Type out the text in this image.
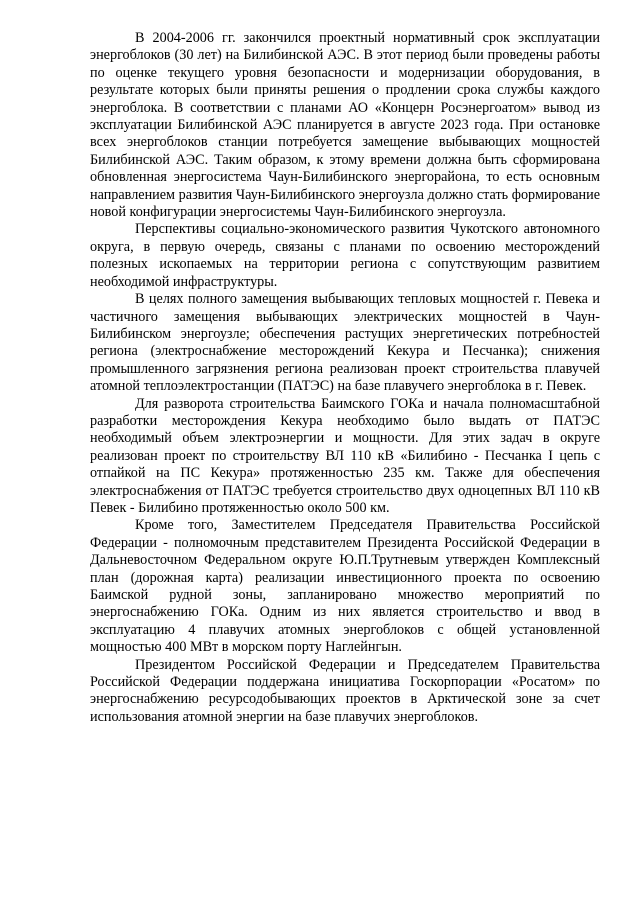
В 2004-2006 гг. закончился проектный нормативный срок эксплуатации энергоблоков (30 лет) на Билибинской АЭС. В этот период были проведены работы по оценке текущего уровня безопасности и модернизации оборудования, в результате которых были приняты решения о продлении срока службы каждого энергоблока. В соответствии с планами АО «Концерн Росэнергоатом» вывод из эксплуатации Билибинской АЭС планируется в августе 2023 года. При остановке всех энергоблоков станции потребуется замещение выбывающих мощностей Билибинской АЭС. Таким образом, к этому времени должна быть сформирована обновленная энергосистема Чаун-Билибинского энергорайона, то есть основным направлением развития Чаун-Билибинского энергоузла должно стать формирование новой конфигурации энергосистемы Чаун-Билибинского энергоузла.

Перспективы социально-экономического развития Чукотского автономного округа, в первую очередь, связаны с планами по освоению месторождений полезных ископаемых на территории региона с сопутствующим развитием необходимой инфраструктуры.

В целях полного замещения выбывающих тепловых мощностей г. Певека и частичного замещения выбывающих электрических мощностей в Чаун-Билибинском энергоузле; обеспечения растущих энергетических потребностей региона (электроснабжение месторождений Кекура и Песчанка); снижения промышленного загрязнения региона реализован проект строительства плавучей атомной теплоэлектростанции (ПАТЭС) на базе плавучего энергоблока в г. Певек.

Для разворота строительства Баимского ГОКа и начала полномасштабной разработки месторождения Кекура необходимо было выдать от ПАТЭС необходимый объем электроэнергии и мощности. Для этих задач в округе реализован проект по строительству ВЛ 110 кВ «Билибино - Песчанка I цепь с отпайкой на ПС Кекура» протяженностью 235 км. Также для обеспечения электроснабжения от ПАТЭС требуется строительство двух одноцепных ВЛ 110 кВ Певек - Билибино протяженностью около 500 км.

Кроме того, Заместителем Председателя Правительства Российской Федерации - полномочным представителем Президента Российской Федерации в Дальневосточном Федеральном округе Ю.П.Трутневым утвержден Комплексный план (дорожная карта) реализации инвестиционного проекта по освоению Баимской рудной зоны, запланировано множество мероприятий по энергоснабжению ГОКа. Одним из них является строительство и ввод в эксплуатацию 4 плавучих атомных энергоблоков с общей установленной мощностью 400 МВт в морском порту Наглейнгын.

Президентом Российской Федерации и Председателем Правительства Российской Федерации поддержана инициатива Госкорпорации «Росатом» по энергоснабжению ресурсодобывающих проектов в Арктической зоне за счет использования атомной энергии на базе плавучих энергоблоков.
